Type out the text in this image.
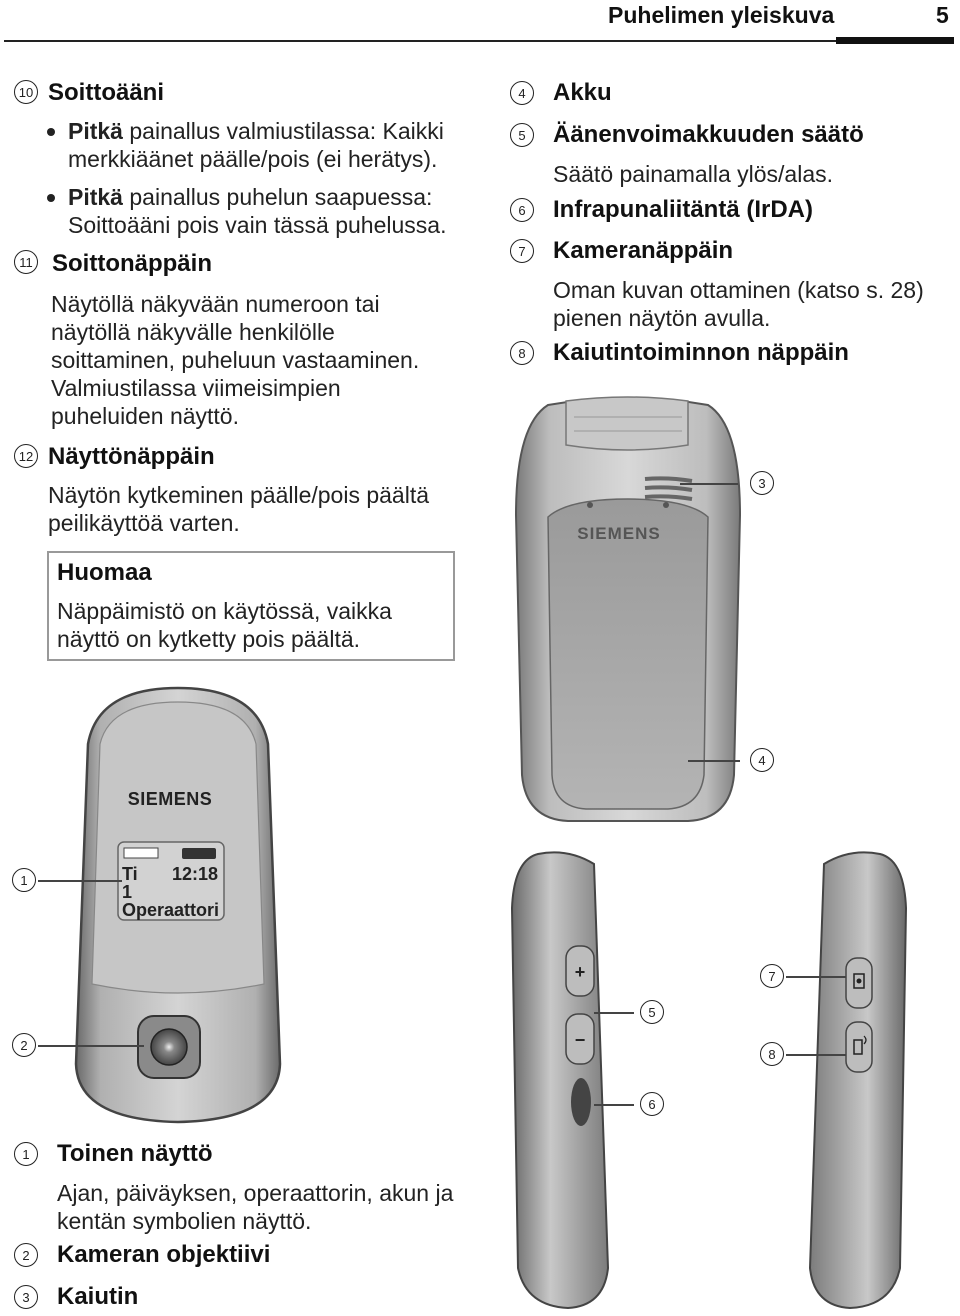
Puhelimen yleiskuva	5
10 Soittoääni
Pitkä painallus valmiustilassa: Kaikki
merkkiäänet päälle/pois (ei herätys).
Pitkä painallus puhelun saapuessa:
Soittoääni pois vain tässä puhelussa.
11 Soittonäppäin
Näytöllä näkyvään numeroon tai
näytöllä näkyvälle henkilölle
soittaminen, puheluun vastaaminen.
Valmiustilassa viimeisimpien
puheluiden näyttö.
12 Näyttönäppäin
Näytön kytkeminen päälle/pois päältä
peilikäyttöä varten.
Huomaa
Näppäimistö on käytössä, vaikka
näyttö on kytketty pois päältä.
4	Akku
5	Äänenvoimakkuuden säätö
Säätö painamalla ylös/alas.
6	Infrapunaliitäntä (IrDA)
7	Kameranäppäin
Oman kuvan ottaminen (katso s. 28)
pienen näytön avulla.
8	Kaiutintoiminnon näppäin
SIEMENS
3
4
SIEMENS
Ti 12:18
1
Operaattori
1
2
+
−
5
6
7
8
1	Toinen näyttö
Ajan, päiväyksen, operaattorin, akun ja
kentän symbolien näyttö.
2	Kameran objektiivi
3	Kaiutin
